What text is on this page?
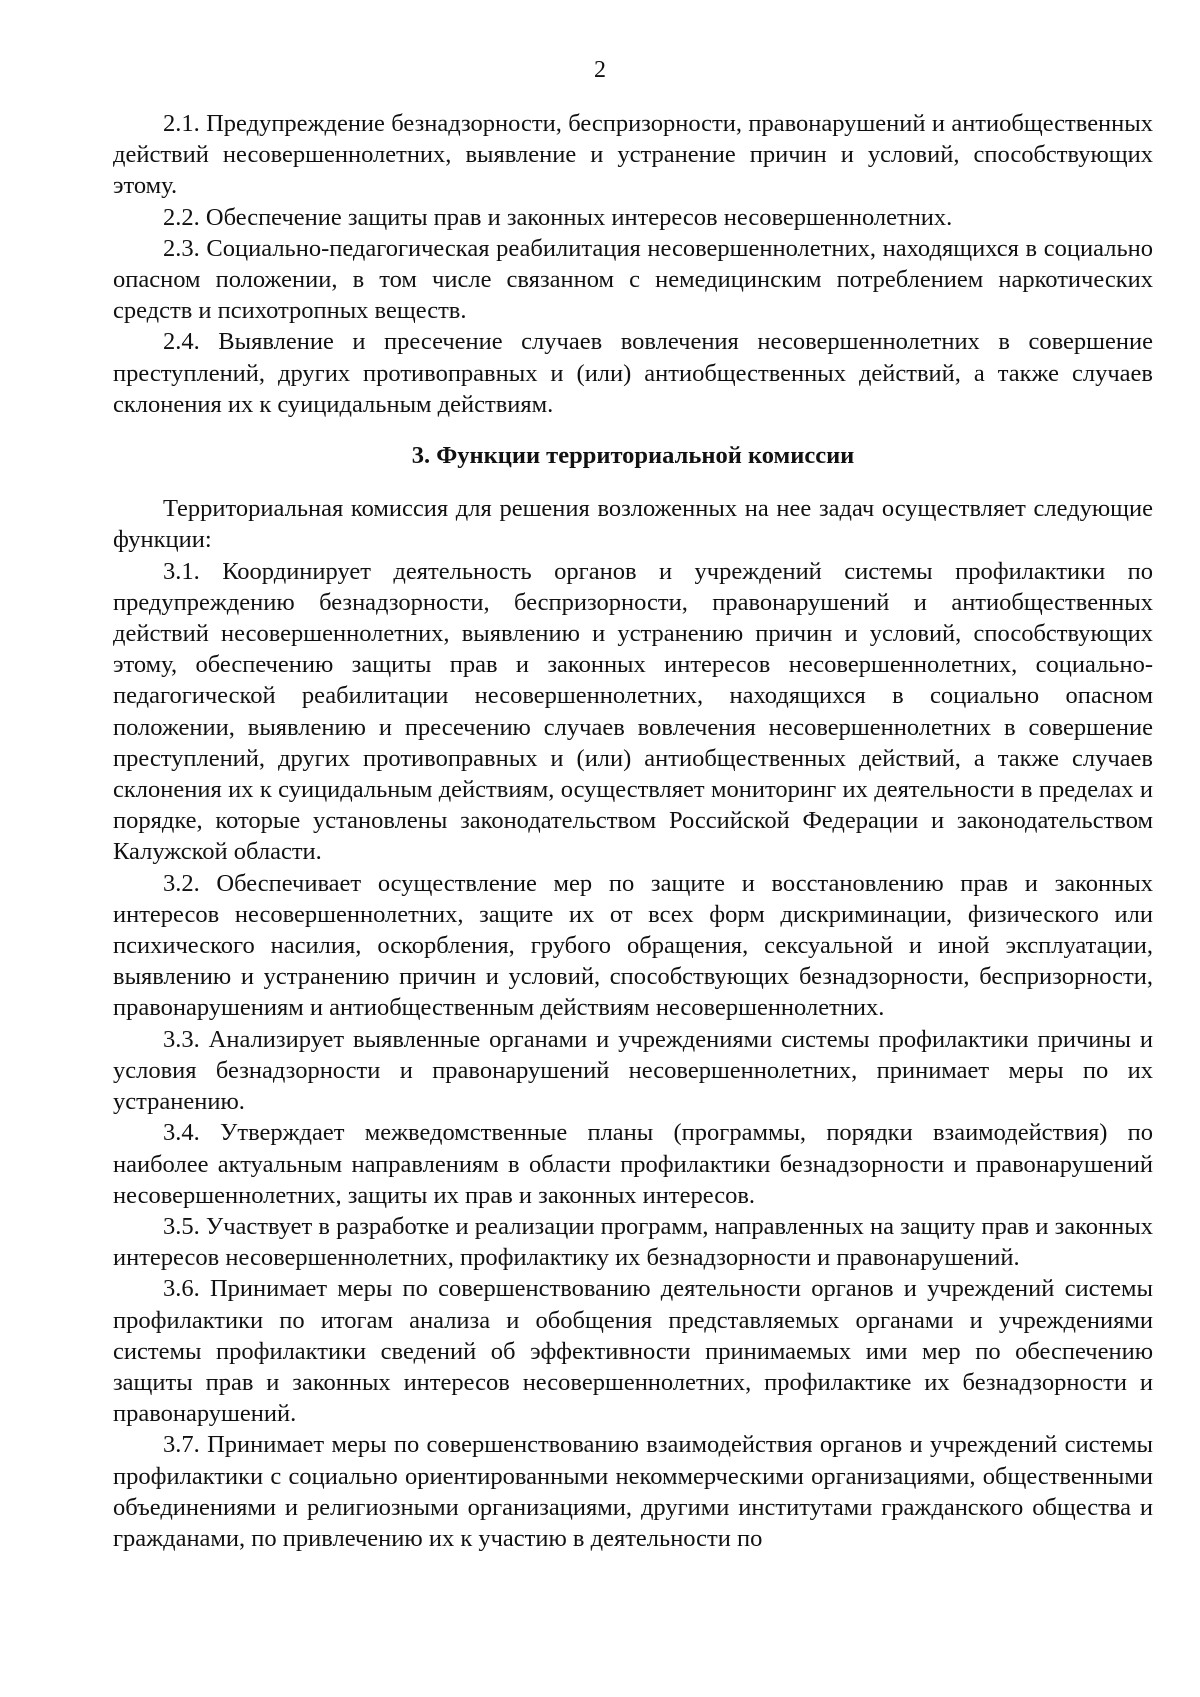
2

2.1. Предупреждение безнадзорности, беспризорности, правонарушений и антиобщественных действий несовершеннолетних, выявление и устранение причин и условий, способствующих этому.

2.2. Обеспечение защиты прав и законных интересов несовершеннолетних.

2.3. Социально-педагогическая реабилитация несовершеннолетних, находящихся в социально опасном положении, в том числе связанном с немедицинским потреблением наркотических средств и психотропных веществ.

2.4. Выявление и пресечение случаев вовлечения несовершеннолетних в совершение преступлений, других противоправных и (или) антиобщественных действий, а также случаев склонения их к суицидальным действиям.

3. Функции территориальной комиссии

Территориальная комиссия для решения возложенных на нее задач осуществляет следующие функции:

3.1. Координирует деятельность органов и учреждений системы профилактики по предупреждению безнадзорности, беспризорности, правонарушений и антиобщественных действий несовершеннолетних, выявлению и устранению причин и условий, способствующих этому, обеспечению защиты прав и законных интересов несовершеннолетних, социально-педагогической реабилитации несовершеннолетних, находящихся в социально опасном положении, выявлению и пресечению случаев вовлечения несовершеннолетних в совершение преступлений, других противоправных и (или) антиобщественных действий, а также случаев склонения их к суицидальным действиям, осуществляет мониторинг их деятельности в пределах и порядке, которые установлены законодательством Российской Федерации и законодательством Калужской области.

3.2. Обеспечивает осуществление мер по защите и восстановлению прав и законных интересов несовершеннолетних, защите их от всех форм дискриминации, физического или психического насилия, оскорбления, грубого обращения, сексуальной и иной эксплуатации, выявлению и устранению причин и условий, способствующих безнадзорности, беспризорности, правонарушениям и антиобщественным действиям несовершеннолетних.

3.3. Анализирует выявленные органами и учреждениями системы профилактики причины и условия безнадзорности и правонарушений несовершеннолетних, принимает меры по их устранению.

3.4. Утверждает межведомственные планы (программы, порядки взаимодействия) по наиболее актуальным направлениям в области профилактики безнадзорности и правонарушений несовершеннолетних, защиты их прав и законных интересов.

3.5. Участвует в разработке и реализации программ, направленных на защиту прав и законных интересов несовершеннолетних, профилактику их безнадзорности и правонарушений.

3.6. Принимает меры по совершенствованию деятельности органов и учреждений системы профилактики по итогам анализа и обобщения представляемых органами и учреждениями системы профилактики сведений об эффективности принимаемых ими мер по обеспечению защиты прав и законных интересов несовершеннолетних, профилактике их безнадзорности и правонарушений.

3.7. Принимает меры по совершенствованию взаимодействия органов и учреждений системы профилактики с социально ориентированными некоммерческими организациями, общественными объединениями и религиозными организациями, другими институтами гражданского общества и гражданами, по привлечению их к участию в деятельности по
